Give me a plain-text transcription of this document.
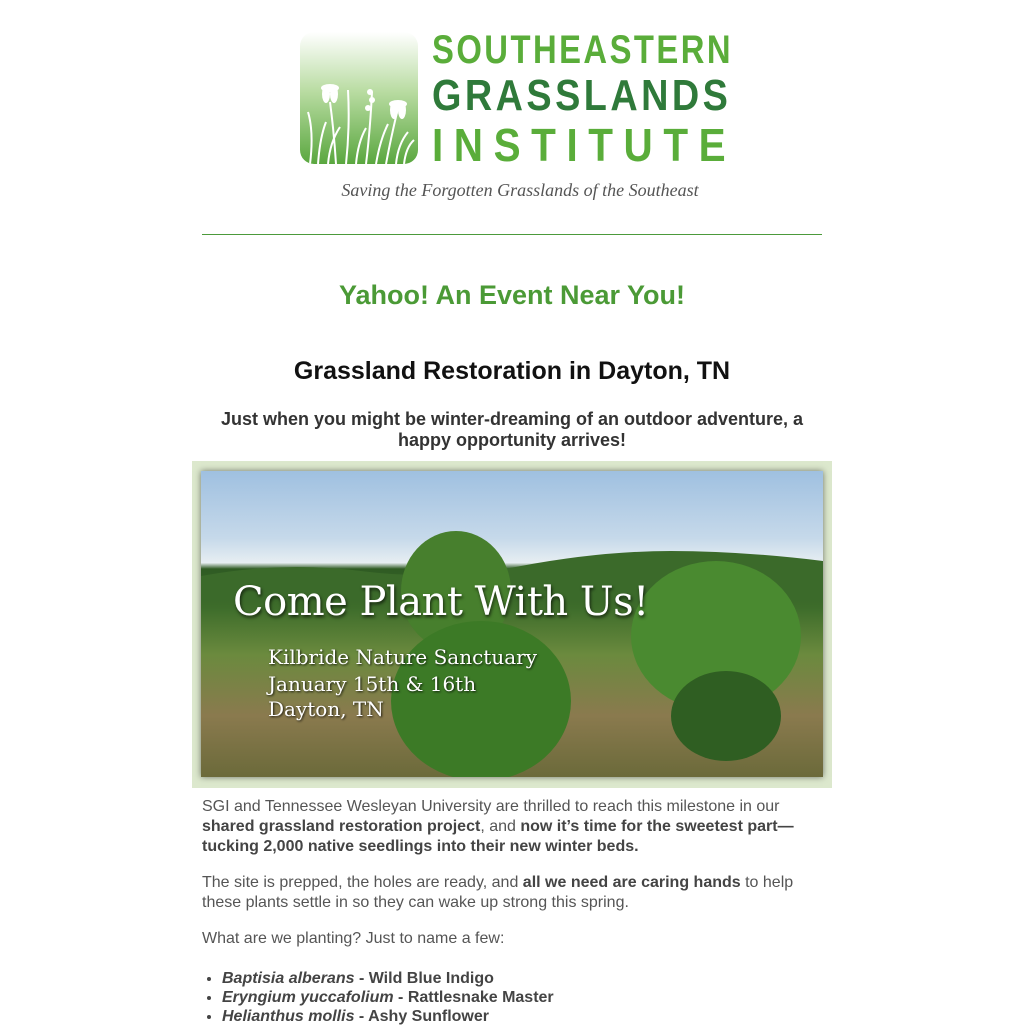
SOUTHEASTERN
GRASSLANDS
INSTITUTE
Saving the Forgotten Grasslands of the Southeast
Yahoo! An Event Near You!
Grassland Restoration in Dayton, TN
Just when you might be winter-dreaming of an outdoor adventure, a happy opportunity arrives!
Come Plant With Us!
Kilbride Nature Sanctuary
January 15th & 16th
Dayton, TN
SGI and Tennessee Wesleyan University are thrilled to reach this milestone in our shared grassland restoration project, and now it’s time for the sweetest part—tucking 2,000 native seedlings into their new winter beds.
The site is prepped, the holes are ready, and all we need are caring hands to help these plants settle in so they can wake up strong this spring.
What are we planting? Just to name a few:
• Baptisia alberans - Wild Blue Indigo
• Eryngium yuccafolium - Rattlesnake Master
• Helianthus mollis - Ashy Sunflower
